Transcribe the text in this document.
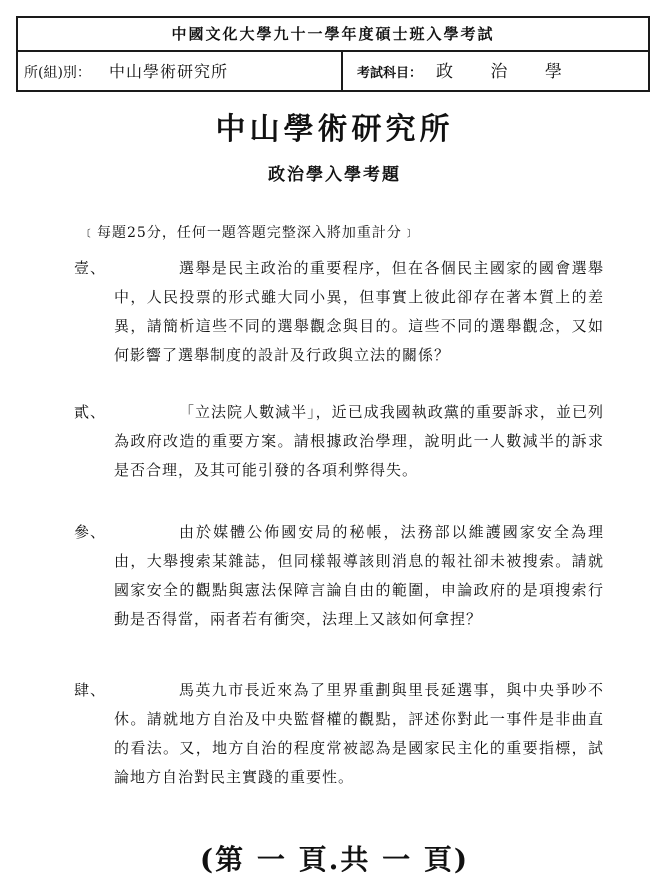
中國文化大學九十一學年度碩士班入學考試
所(組)別： 中山學術研究所	考試科目： 政 治 學
中山學術研究所
政治學入學考題
﹝每題25分，任何一題答題完整深入將加重計分﹞
壹、	選舉是民主政治的重要程序，但在各個民主國家的國會選舉中，人民投票的形式雖大同小異，但事實上彼此卻存在著本質上的差異，請簡析這些不同的選舉觀念與目的。這些不同的選舉觀念，又如何影響了選舉制度的設計及行政與立法的關係？
貳、	「立法院人數減半」，近已成我國執政黨的重要訴求，並已列為政府改造的重要方案。請根據政治學理，說明此一人數減半的訴求是否合理，及其可能引發的各項利弊得失。
參、	由於媒體公佈國安局的秘帳，法務部以維護國家安全為理由，大舉搜索某雜誌，但同樣報導該則消息的報社卻未被搜索。請就國家安全的觀點與憲法保障言論自由的範圍，申論政府的是項搜索行動是否得當，兩者若有衝突，法理上又該如何拿捏？
肆、	馬英九市長近來為了里界重劃與里長延選事，與中央爭吵不休。請就地方自治及中央監督權的觀點，評述你對此一事件是非曲直的看法。又，地方自治的程度常被認為是國家民主化的重要指標，試論地方自治對民主實踐的重要性。
(第 一 頁.共 一 頁)
